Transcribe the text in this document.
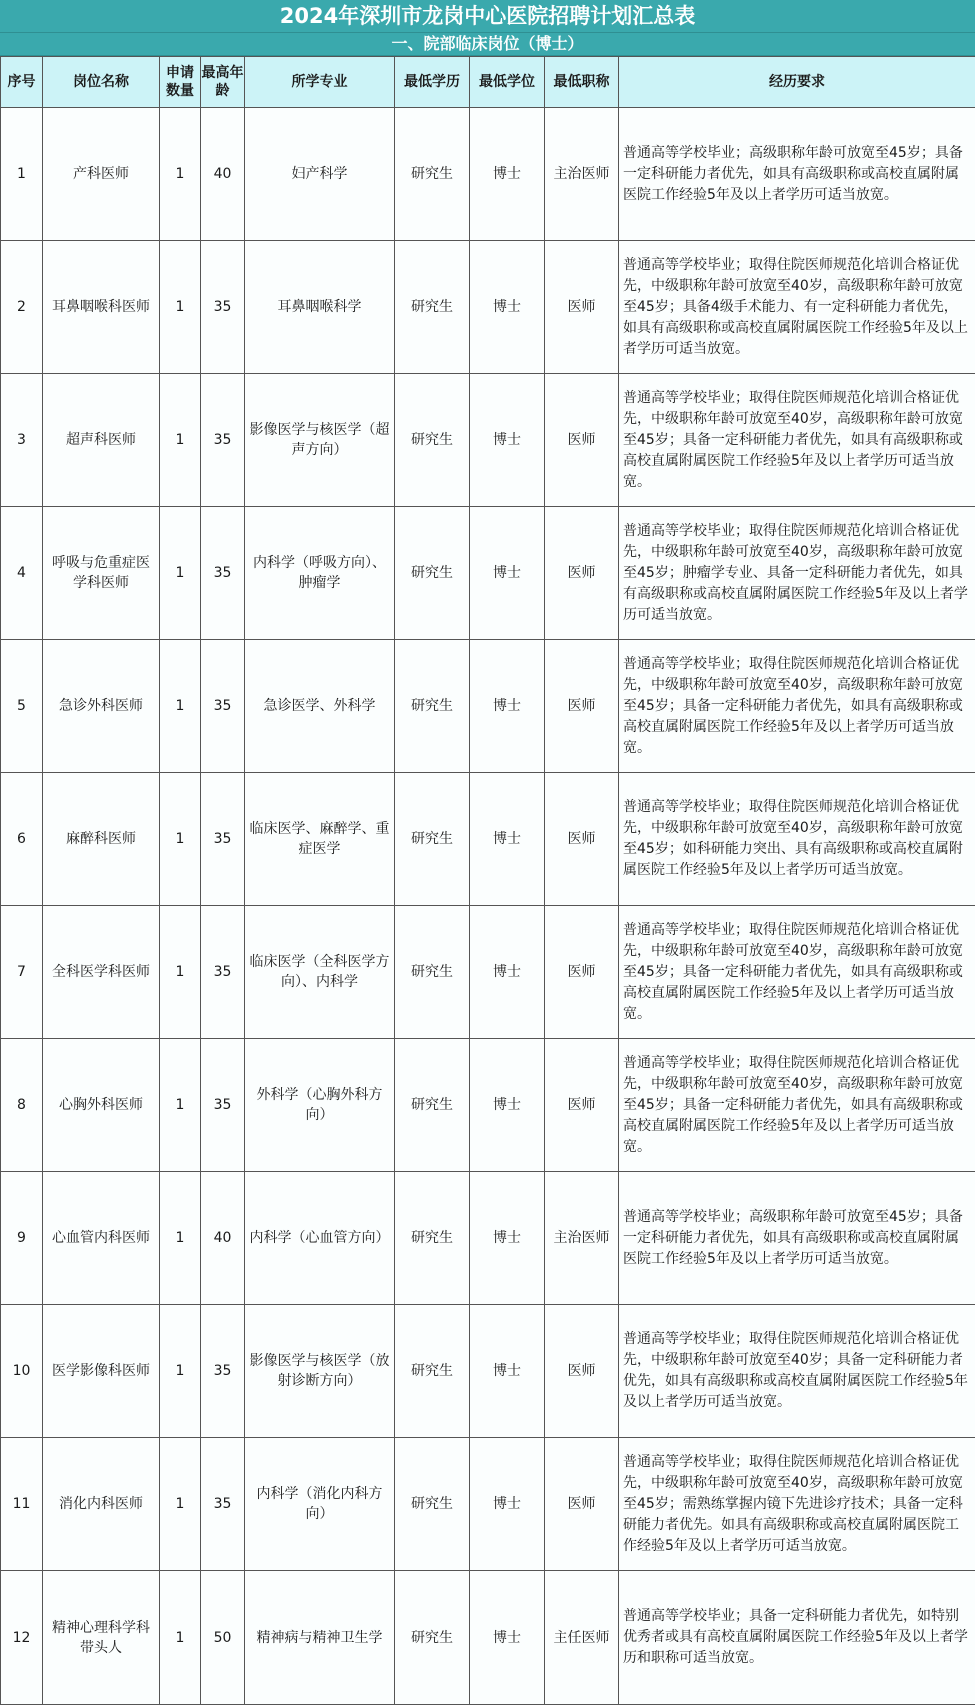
2024年深圳市龙岗中心医院招聘计划汇总表
一、院部临床岗位（博士）
序号	岗位名称	申请数量	最高年龄	所学专业	最低学历	最低学位	最低职称	经历要求
1	产科医师	1	40	妇产科学	研究生	博士	主治医师	普通高等学校毕业；高级职称年龄可放宽至45岁；具备一定科研能力者优先，如具有高级职称或高校直属附属医院工作经验5年及以上者学历可适当放宽。
2	耳鼻咽喉科医师	1	35	耳鼻咽喉科学	研究生	博士	医师	普通高等学校毕业；取得住院医师规范化培训合格证优先，中级职称年龄可放宽至40岁，高级职称年龄可放宽至45岁；具备4级手术能力、有一定科研能力者优先，如具有高级职称或高校直属附属医院工作经验5年及以上者学历可适当放宽。
3	超声科医师	1	35	影像医学与核医学（超声方向）	研究生	博士	医师	普通高等学校毕业；取得住院医师规范化培训合格证优先，中级职称年龄可放宽至40岁，高级职称年龄可放宽至45岁；具备一定科研能力者优先，如具有高级职称或高校直属附属医院工作经验5年及以上者学历可适当放宽。
4	呼吸与危重症医学科医师	1	35	内科学（呼吸方向）、肿瘤学	研究生	博士	医师	普通高等学校毕业；取得住院医师规范化培训合格证优先，中级职称年龄可放宽至40岁，高级职称年龄可放宽至45岁；肿瘤学专业、具备一定科研能力者优先，如具有高级职称或高校直属附属医院工作经验5年及以上者学历可适当放宽。
5	急诊外科医师	1	35	急诊医学、外科学	研究生	博士	医师	普通高等学校毕业；取得住院医师规范化培训合格证优先，中级职称年龄可放宽至40岁，高级职称年龄可放宽至45岁；具备一定科研能力者优先，如具有高级职称或高校直属附属医院工作经验5年及以上者学历可适当放宽。
6	麻醉科医师	1	35	临床医学、麻醉学、重症医学	研究生	博士	医师	普通高等学校毕业；取得住院医师规范化培训合格证优先，中级职称年龄可放宽至40岁，高级职称年龄可放宽至45岁；如科研能力突出、具有高级职称或高校直属附属医院工作经验5年及以上者学历可适当放宽。
7	全科医学科医师	1	35	临床医学（全科医学方向）、内科学	研究生	博士	医师	普通高等学校毕业；取得住院医师规范化培训合格证优先，中级职称年龄可放宽至40岁，高级职称年龄可放宽至45岁；具备一定科研能力者优先，如具有高级职称或高校直属附属医院工作经验5年及以上者学历可适当放宽。
8	心胸外科医师	1	35	外科学（心胸外科方向）	研究生	博士	医师	普通高等学校毕业；取得住院医师规范化培训合格证优先，中级职称年龄可放宽至40岁，高级职称年龄可放宽至45岁；具备一定科研能力者优先，如具有高级职称或高校直属附属医院工作经验5年及以上者学历可适当放宽。
9	心血管内科医师	1	40	内科学（心血管方向）	研究生	博士	主治医师	普通高等学校毕业；高级职称年龄可放宽至45岁；具备一定科研能力者优先，如具有高级职称或高校直属附属医院工作经验5年及以上者学历可适当放宽。
10	医学影像科医师	1	35	影像医学与核医学（放射诊断方向）	研究生	博士	医师	普通高等学校毕业；取得住院医师规范化培训合格证优先，中级职称年龄可放宽至40岁；具备一定科研能力者优先，如具有高级职称或高校直属附属医院工作经验5年及以上者学历可适当放宽。
11	消化内科医师	1	35	内科学（消化内科方向）	研究生	博士	医师	普通高等学校毕业；取得住院医师规范化培训合格证优先，中级职称年龄可放宽至40岁，高级职称年龄可放宽至45岁；需熟练掌握内镜下先进诊疗技术；具备一定科研能力者优先。如具有高级职称或高校直属附属医院工作经验5年及以上者学历可适当放宽。
12	精神心理科学科带头人	1	50	精神病与精神卫生学	研究生	博士	主任医师	普通高等学校毕业；具备一定科研能力者优先，如特别优秀者或具有高校直属附属医院工作经验5年及以上者学历和职称可适当放宽。
